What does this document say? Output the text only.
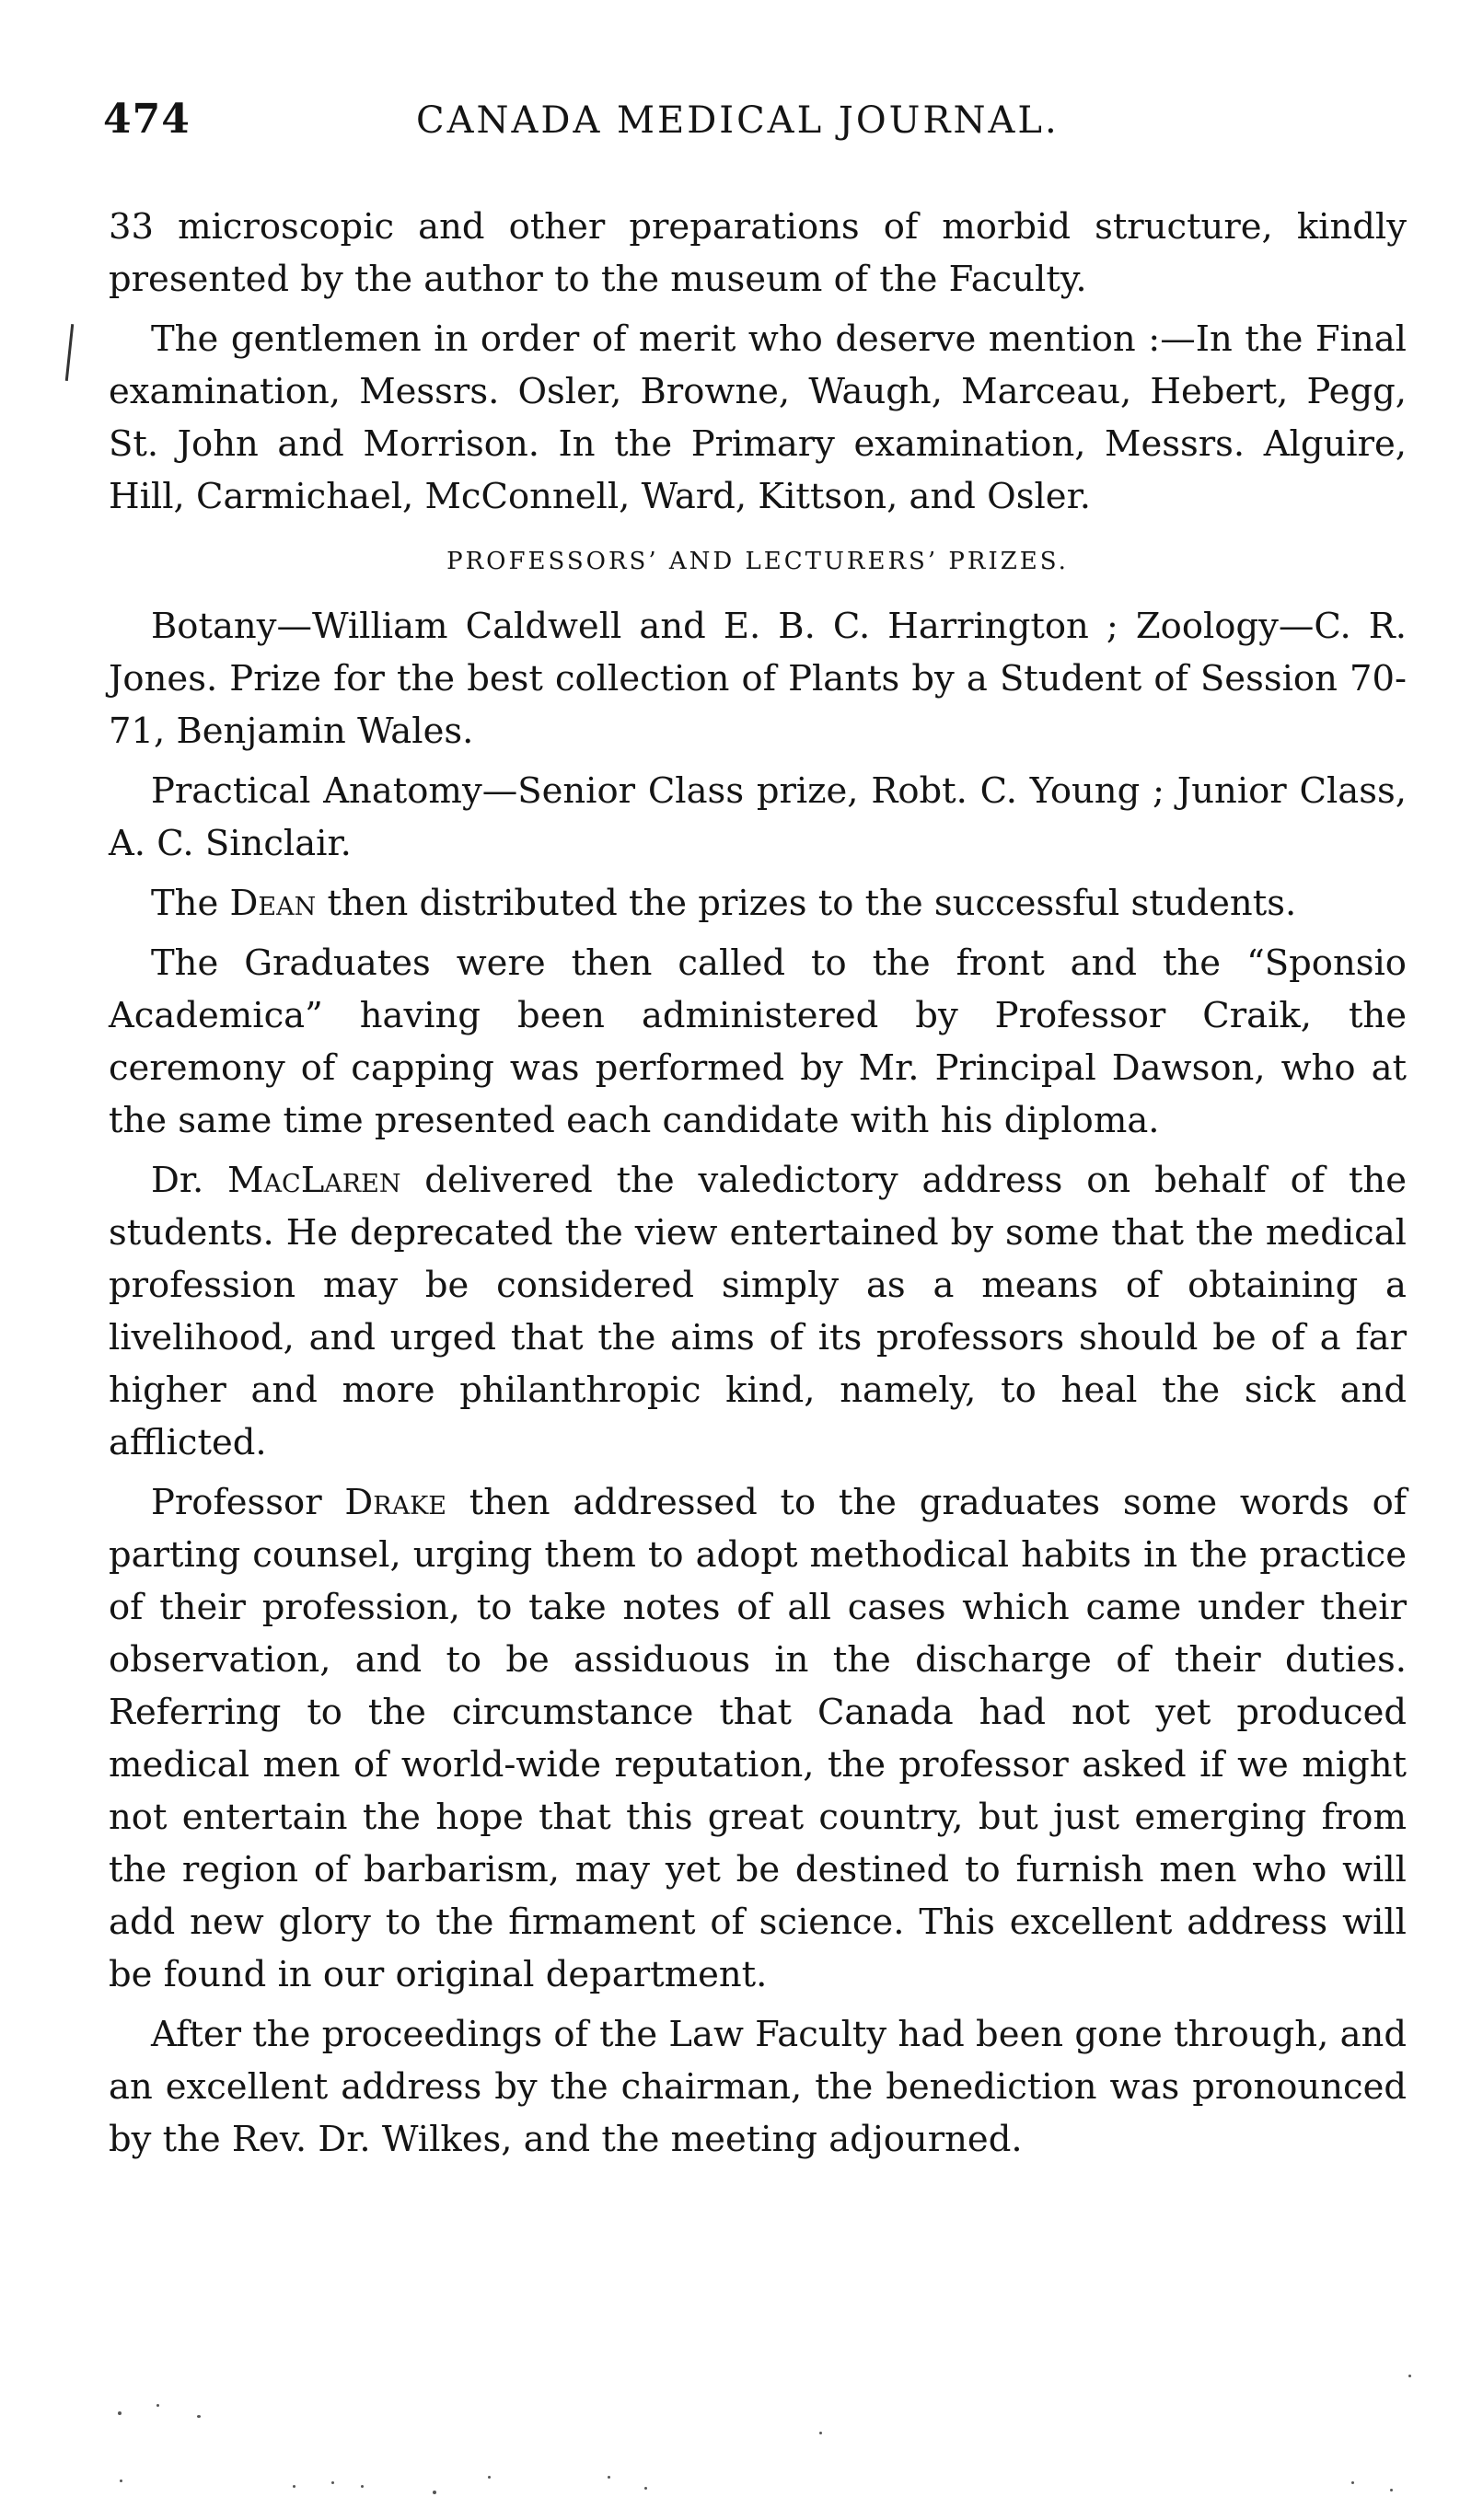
474	CANADA MEDICAL JOURNAL.

33 microscopic and other preparations of morbid structure, kindly presented by the author to the museum of the Faculty.

The gentlemen in order of merit who deserve mention :—In the Final examination, Messrs. Osler, Browne, Waugh, Marceau, Hebert, Pegg, St. John and Morrison. In the Primary examination, Messrs. Alguire, Hill, Carmichael, McConnell, Ward, Kittson, and Osler.

PROFESSORS’ AND LECTURERS’ PRIZES.

Botany—William Caldwell and E. B. C. Harrington ; Zoology—C. R. Jones. Prize for the best collection of Plants by a Student of Session 70-71, Benjamin Wales.

Practical Anatomy—Senior Class prize, Robt. C. Young ; Junior Class, A. C. Sinclair.

The Dean then distributed the prizes to the successful students.

The Graduates were then called to the front and the “Sponsio Academica” having been administered by Professor Craik, the ceremony of capping was performed by Mr. Principal Dawson, who at the same time presented each candidate with his diploma.

Dr. MacLaren delivered the valedictory address on behalf of the students. He deprecated the view entertained by some that the medical profession may be considered simply as a means of obtaining a livelihood, and urged that the aims of its professors should be of a far higher and more philanthropic kind, namely, to heal the sick and afflicted.

Professor Drake then addressed to the graduates some words of parting counsel, urging them to adopt methodical habits in the practice of their profession, to take notes of all cases which came under their observation, and to be assiduous in the discharge of their duties. Referring to the circumstance that Canada had not yet produced medical men of world-wide reputation, the professor asked if we might not entertain the hope that this great country, but just emerging from the region of barbarism, may yet be destined to furnish men who will add new glory to the firmament of science. This excellent address will be found in our original department.

After the proceedings of the Law Faculty had been gone through, and an excellent address by the chairman, the benediction was pronounced by the Rev. Dr. Wilkes, and the meeting adjourned.
